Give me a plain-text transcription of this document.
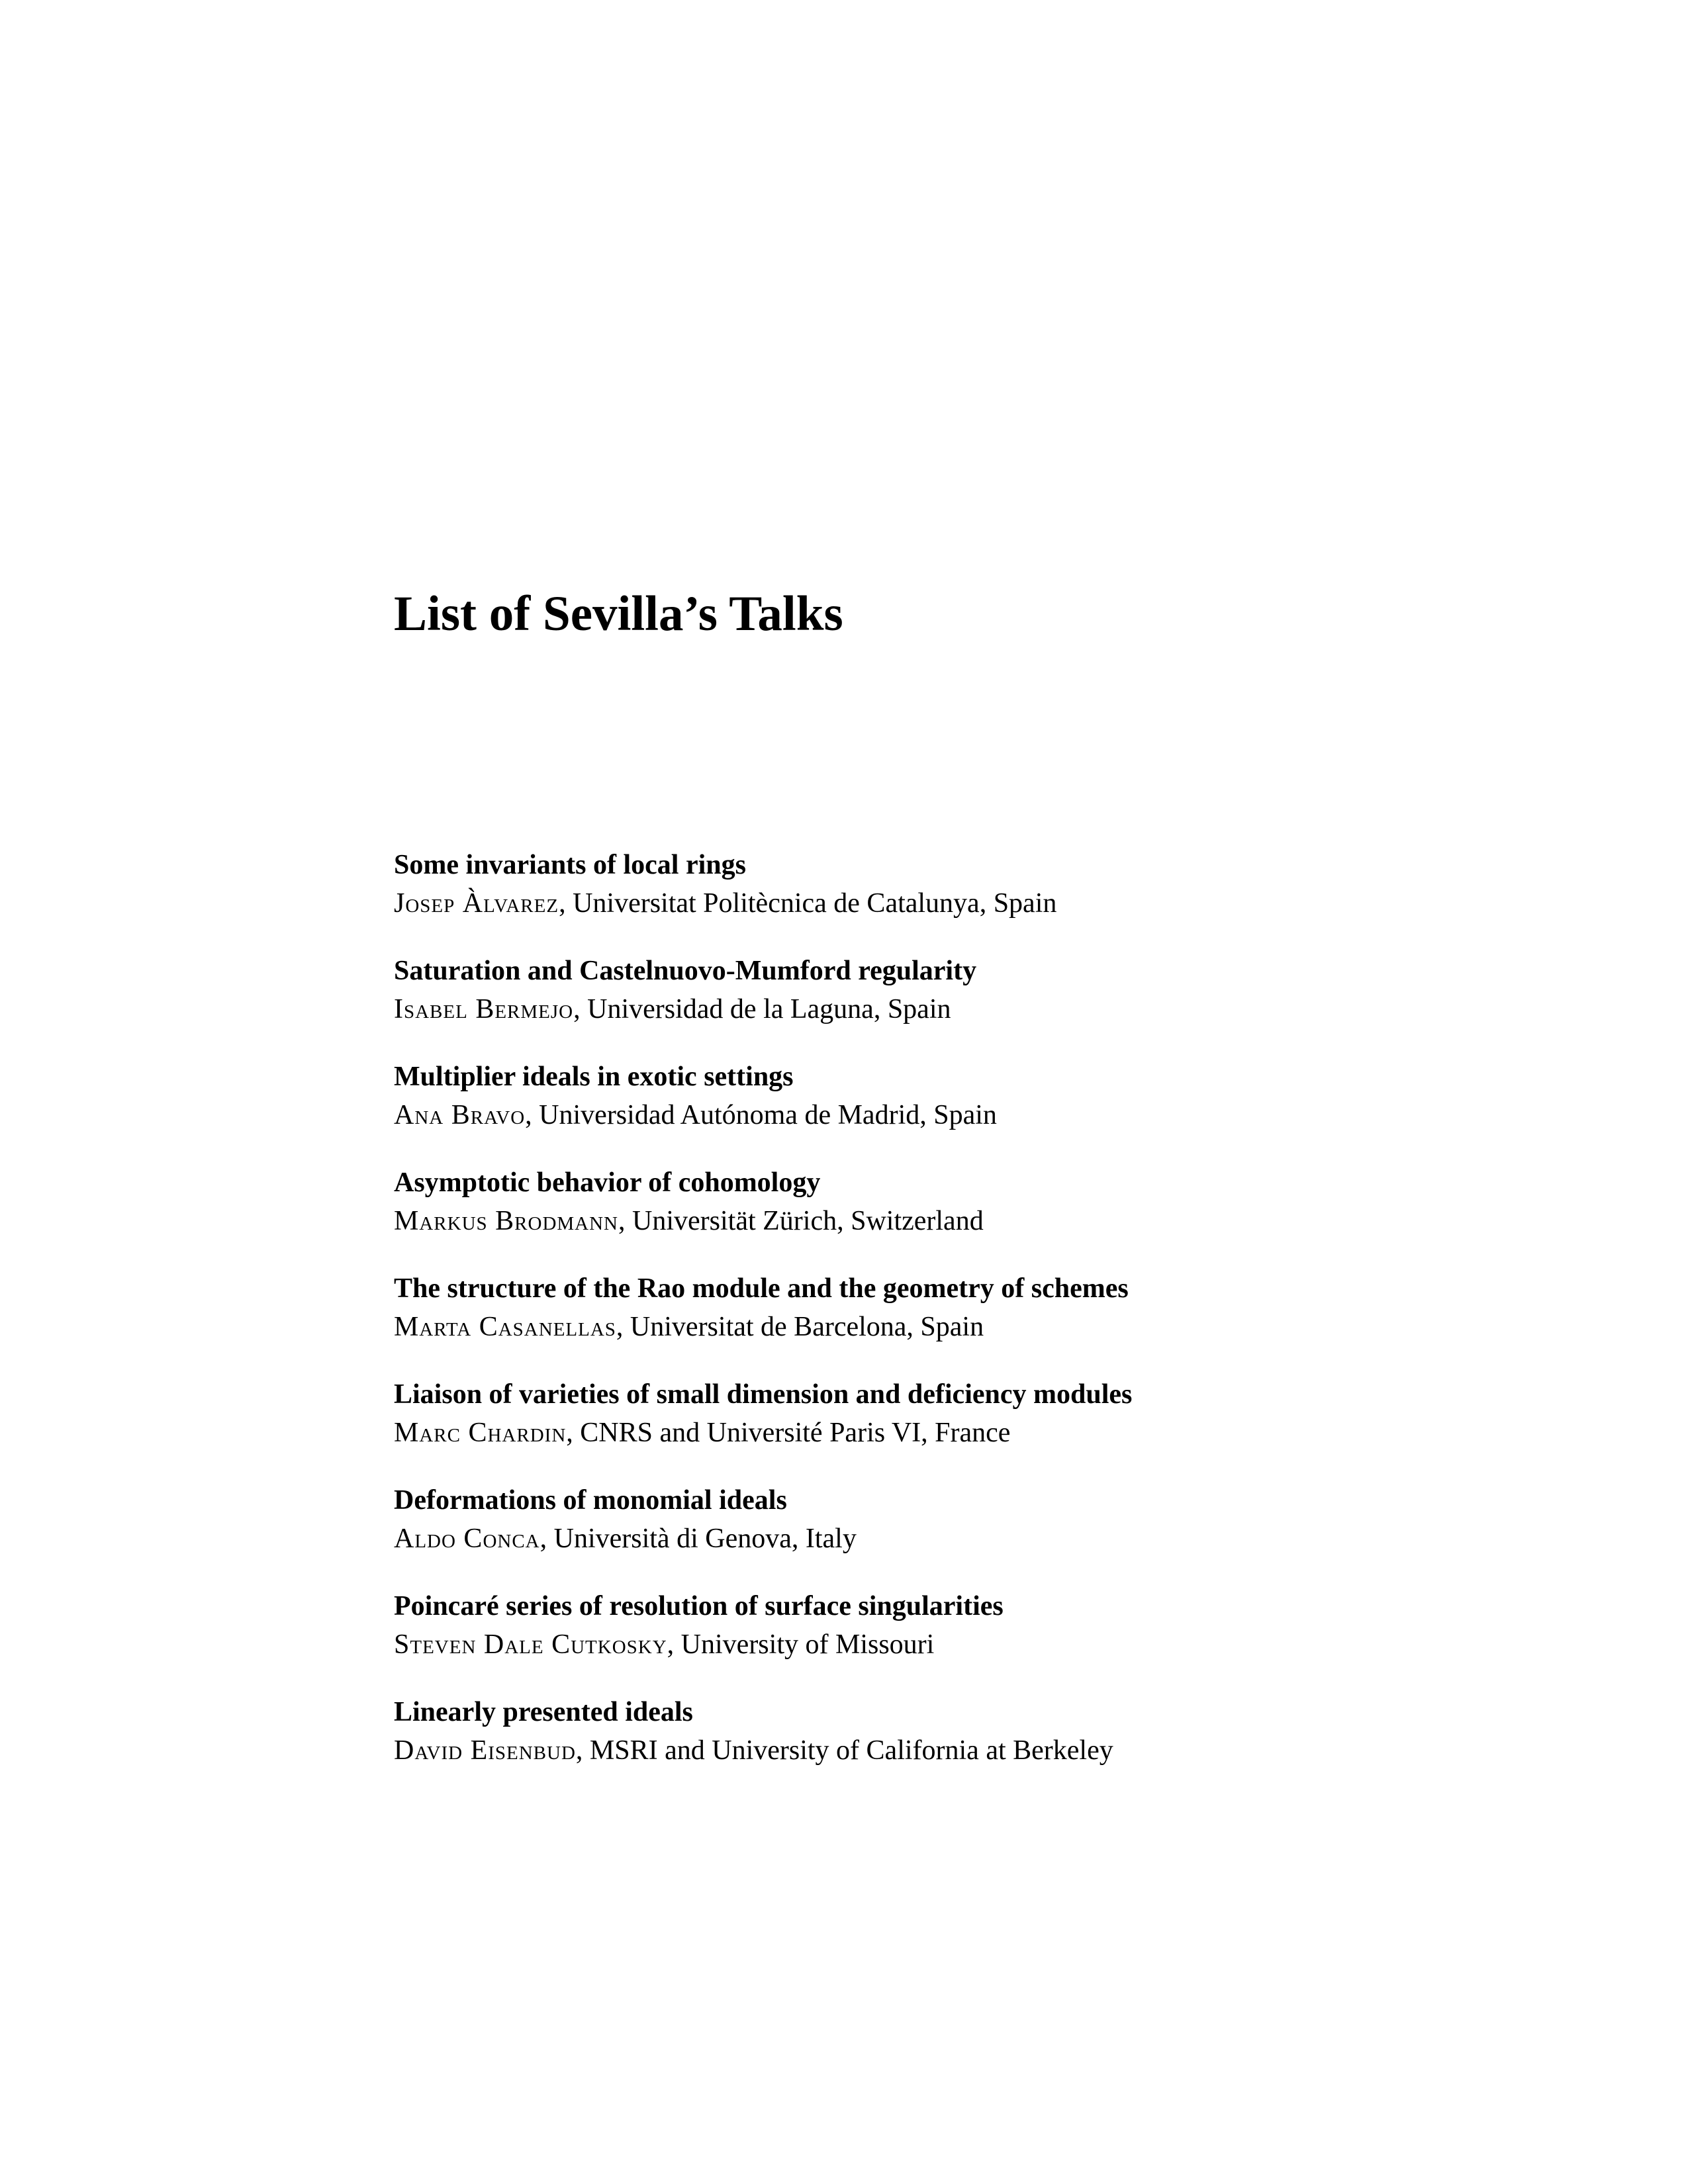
List of Sevilla’s Talks
Some invariants of local rings
Josep Àlvarez, Universitat Politècnica de Catalunya, Spain
Saturation and Castelnuovo-Mumford regularity
Isabel Bermejo, Universidad de la Laguna, Spain
Multiplier ideals in exotic settings
Ana Bravo, Universidad Autónoma de Madrid, Spain
Asymptotic behavior of cohomology
Markus Brodmann, Universität Zürich, Switzerland
The structure of the Rao module and the geometry of schemes
Marta Casanellas, Universitat de Barcelona, Spain
Liaison of varieties of small dimension and deficiency modules
Marc Chardin, CNRS and Université Paris VI, France
Deformations of monomial ideals
Aldo Conca, Università di Genova, Italy
Poincaré series of resolution of surface singularities
Steven Dale Cutkosky, University of Missouri
Linearly presented ideals
David Eisenbud, MSRI and University of California at Berkeley
